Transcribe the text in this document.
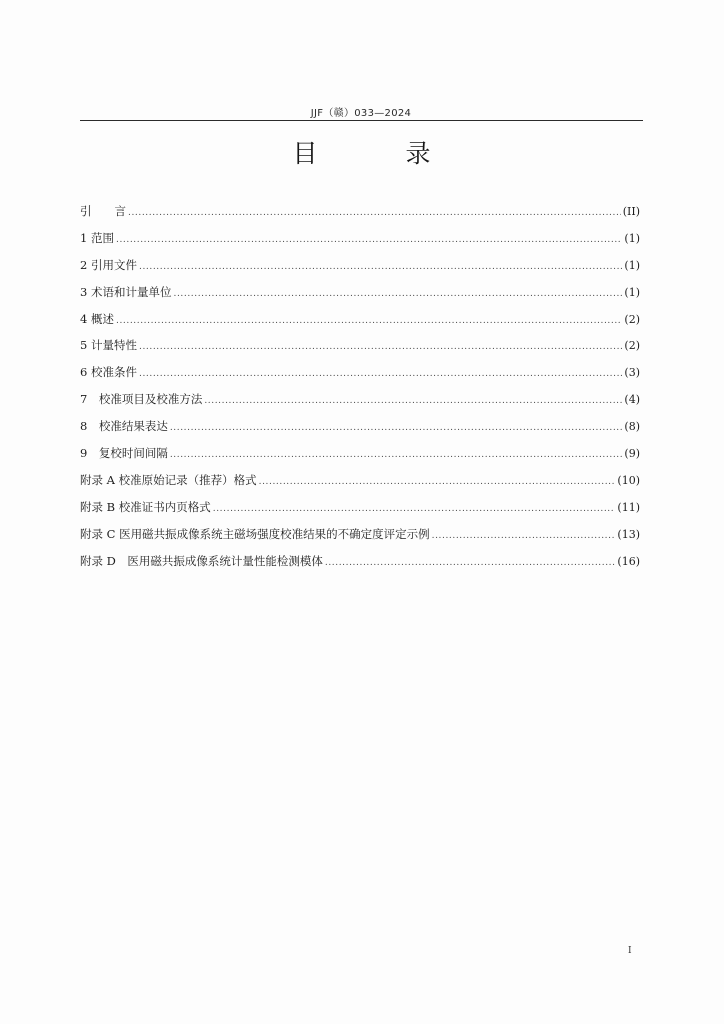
JJF（赣）033—2024
目 录
引　　言 .....	(II)
1 范围 .....	(1)
2 引用文件 .....	(1)
3 术语和计量单位 .....	(1)
4 概述 .....	(2)
5 计量特性 .....	(2)
6 校准条件 .....	(3)
7　校准项目及校准方法 .....	(4)
8　校准结果表达 .....	(8)
9　复校时间间隔 .....	(9)
附录 A 校准原始记录（推荐）格式 .....	(10)
附录 B 校准证书内页格式 .....	(11)
附录 C 医用磁共振成像系统主磁场强度校准结果的不确定度评定示例 .....	(13)
附录 D　医用磁共振成像系统计量性能检测模体 .....	(16)
I
